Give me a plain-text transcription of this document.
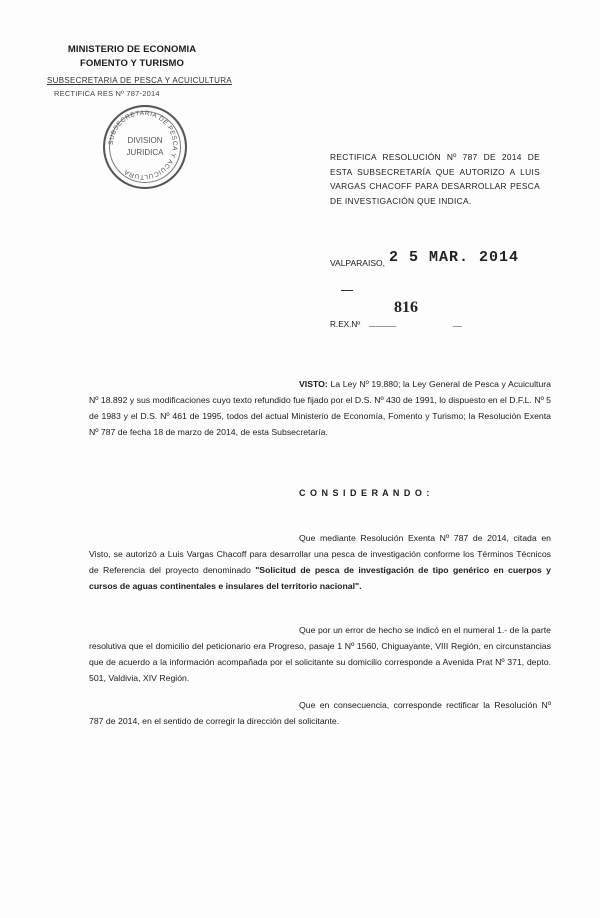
MINISTERIO DE ECONOMIA
FOMENTO Y TURISMO
SUBSECRETARIA DE PESCA Y ACUICULTURA
RECTIFICA RES Nº 787-2014
SUBSECRETARIA DE PESCA Y ACUICULTURA
DIVISION
JURIDICA	RECTIFICA RESOLUCIÓN Nº 787 DE 2014 DE ESTA SUBSECRETARÍA QUE AUTORIZO A LUIS VARGAS CHACOFF PARA DESARROLLAR PESCA DE INVESTIGACIÓN QUE INDICA.
VALPARAISO, 2 5 MAR. 2014
816
R.EX.Nº ______	__
VISTO: La Ley Nº 19.880; la Ley General de Pesca y Acuicultura Nº 18.892 y sus modificaciones cuyo texto refundido fue fijado por el D.S. Nº 430 de 1991, lo dispuesto en el D.F.L. Nº 5 de 1983 y el D.S. Nº 461 de 1995, todos del actual Ministerio de Economía, Fomento y Turismo; la Resolución Exenta Nº 787 de fecha 18 de marzo de 2014, de esta Subsecretaría.
C O N S I D E R A N D O :
Que mediante Resolución Exenta Nº 787 de 2014, citada en Visto, se autorizó a Luis Vargas Chacoff para desarrollar una pesca de investigación conforme los Términos Técnicos de Referencia del proyecto denominado "Solicitud de pesca de investigación de tipo genérico en cuerpos y cursos de aguas continentales e insulares del territorio nacional".
Que por un error de hecho se indicó en el numeral 1.- de la parte resolutiva que el domicilio del peticionario era Progreso, pasaje 1 Nº 1560, Chiguayante, VIII Región, en circunstancias que de acuerdo a la información acompañada por el solicitante su domicilio corresponde a Avenida Prat Nº 371, depto. 501, Valdivia, XIV Región.
Que en consecuencia, corresponde rectificar la Resolución Nº 787 de 2014, en el sentido de corregir la dirección del solicitante.
